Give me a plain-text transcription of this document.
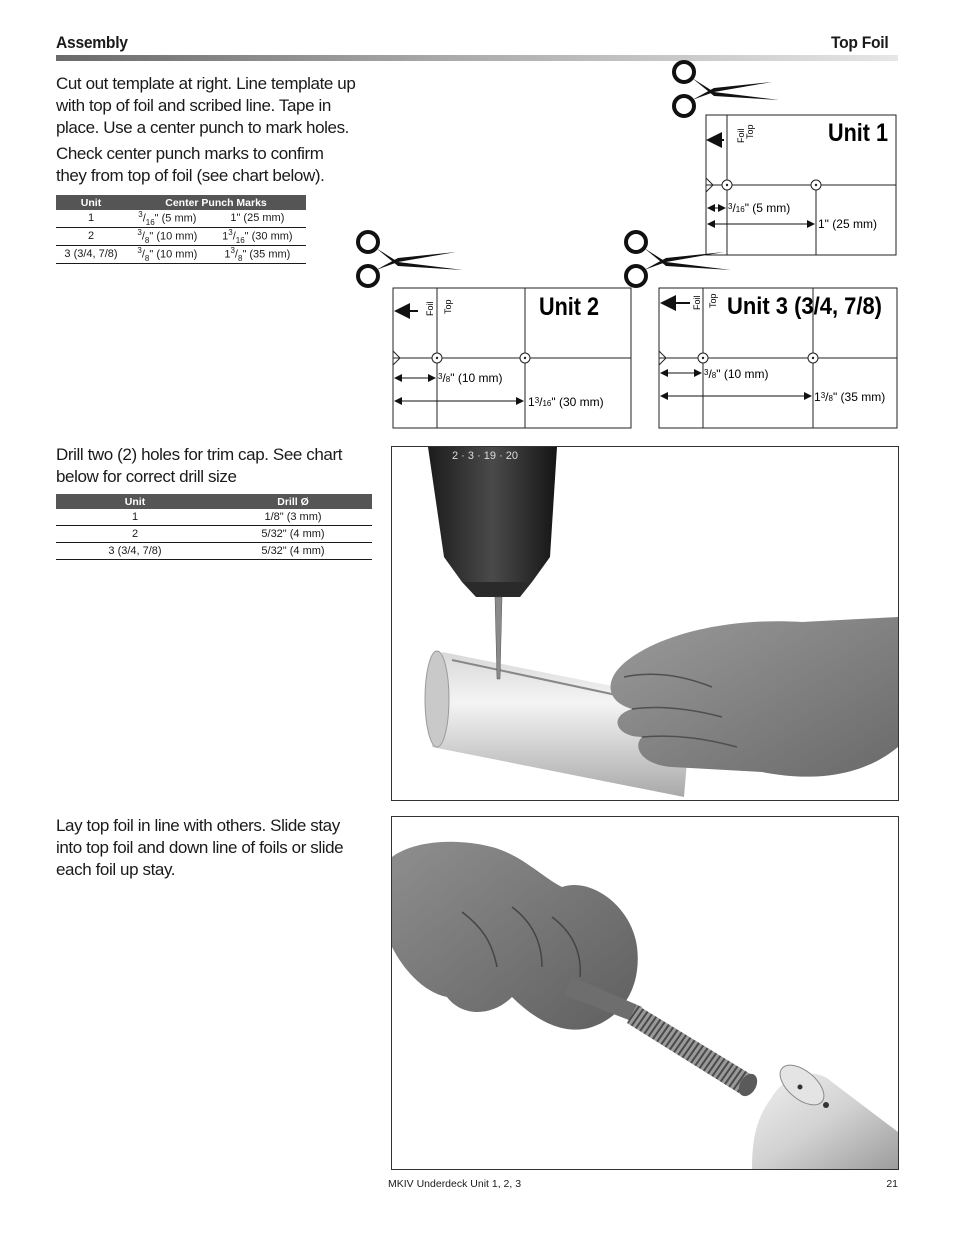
Assembly	Top Foil
Cut out template at right. Line template up with top of foil and scribed line. Tape in place. Use a center punch to mark holes.
Check center punch marks to confirm they from top of foil (see chart below).
Unit	Center Punch Marks	
1	$^3/_{16}$" (5 mm)	1" (25 mm)
2	$^3/_8$" (10 mm)	$1^3/_{16}$" (30 mm)
3 (3/4, 7/8)	$^3/_8$" (10 mm)	$1^3/_8$" (35 mm)
Foil Top	Unit 1
$^3$/16" (5 mm)
1" (25 mm)
Foil Top	Unit 2
$^3$/8" (10 mm)
$1^3/16$" (30 mm)
Foil Top Unit 3 (3/4, 7/8)
$^3$/8" (10 mm)
$1^3/8$" (35 mm)
Drill two (2) holes for trim cap. See chart below for correct drill size
Unit	Drill Ø
1	1/8" (3 mm)
2	5/32" (4 mm)
3 (3/4, 7/8)	5/32" (4 mm)
2 · 3 · 19 · 20
Lay top foil in line with others. Slide stay into top foil and down line of foils or slide each foil up stay.
MKIV Underdeck Unit 1, 2, 3	21
